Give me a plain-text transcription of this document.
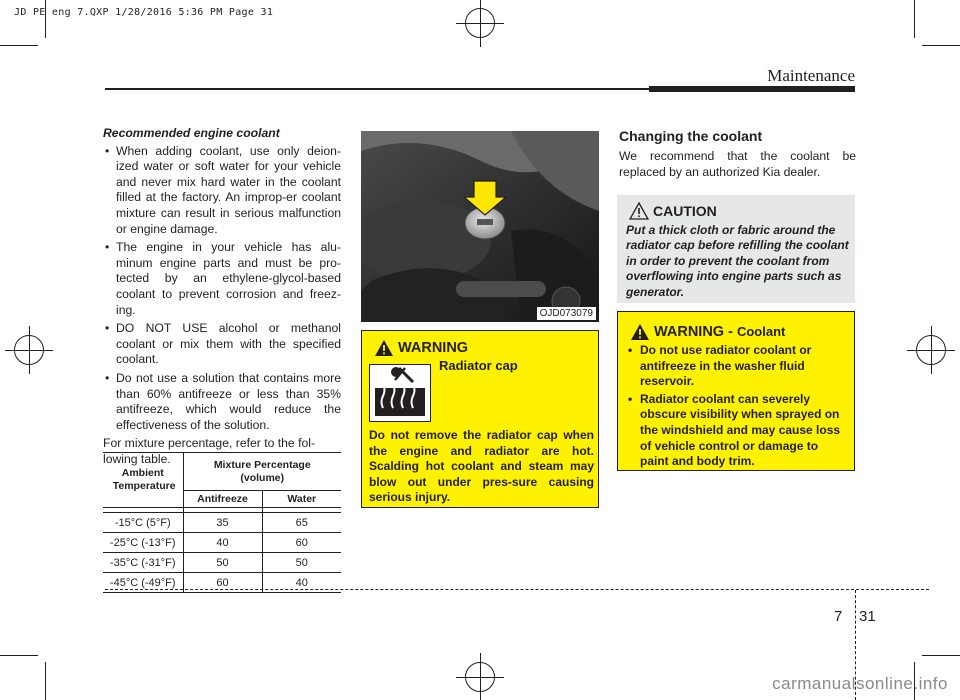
JD PE eng 7.QXP 1/28/2016 5:36 PM Page 31
Maintenance
Recommended engine coolant
• When adding coolant, use only deion-ized water or soft water for your vehicle and never mix hard water in the coolant filled at the factory. An improp-er coolant mixture can result in serious malfunction or engine damage.
• The engine in your vehicle has alu-minum engine parts and must be pro-tected by an ethylene-glycol-based coolant to prevent corrosion and freez-ing.
• DO NOT USE alcohol or methanol coolant or mix them with the specified coolant.
• Do not use a solution that contains more than 60% antifreeze or less than 35% antifreeze, which would reduce the effectiveness of the solution.
For mixture percentage, refer to the fol-lowing table.
Ambient Temperature	Mixture Percentage (volume)	
	Antifreeze	Water

-15°C (5°F)	35	65
-25°C (-13°F)	40	60
-35°C (-31°F)	50	50
-45°C (-49°F)	60	40
OJD073079
WARNING
Radiator cap
Do not remove the radiator cap when the engine and radiator are hot. Scalding hot coolant and steam may blow out under pres-sure causing serious injury.
Changing the coolant
We recommend that the coolant be replaced by an authorized Kia dealer.
CAUTION
Put a thick cloth or fabric around the radiator cap before refilling the coolant in order to prevent the coolant from overflowing into engine parts such as generator.
WARNING - Coolant
• Do not use radiator coolant or antifreeze in the washer fluid reservoir.
• Radiator coolant can severely obscure visibility when sprayed on the windshield and may cause loss of vehicle control or damage to paint and body trim.
7 31
carmanualsonline.info
